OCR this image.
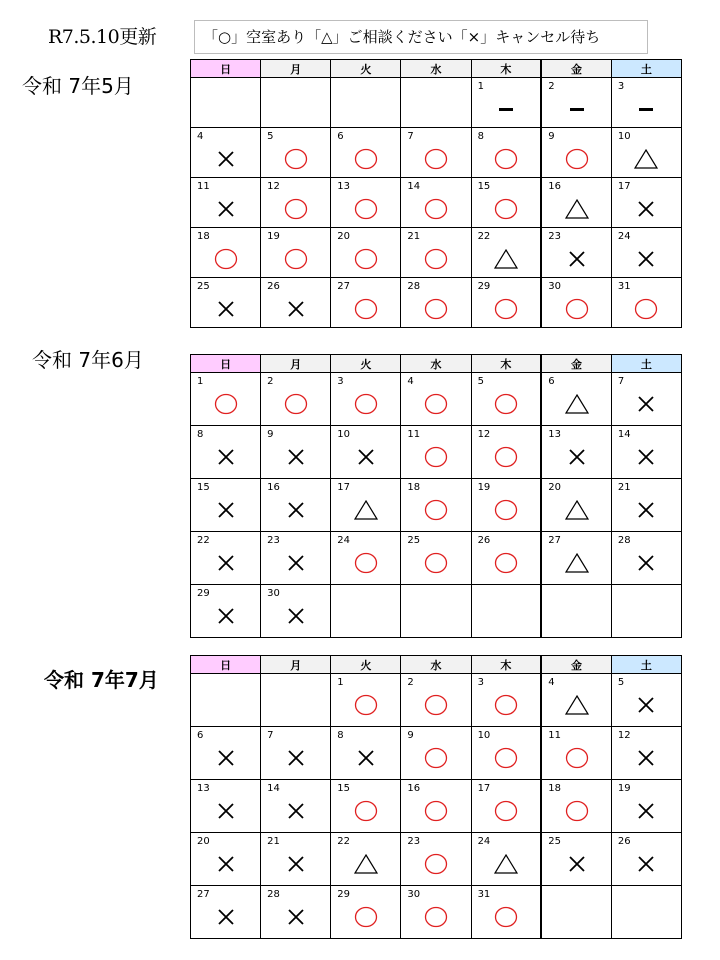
R7.5.10更新	「○」空室あり「△」ご相談ください「×」キャンセル待ち
令和 7年5月
日	月	火	水	木	金	土

				1	2	3

4	5	6	7	8	9	10

11	12	13	14	15	16	17

18	19	20	21	22	23	24

25	26	27	28	29	30	31
令和 7年6月	日	月	火	水	木	金	土

1	2	3	4	5	6	7

8	9	10	11	12	13	14

15	16	17	18	19	20	21

22	23	24	25	26	27	28

29	30					

令和 7年7月
日	月	火	水	木	金	土

		1	2	3	4	5

6	7	8	9	10	11	12

13	14	15	16	17	18	19

20	21	22	23	24	25	26

27	28	29	30	31		
